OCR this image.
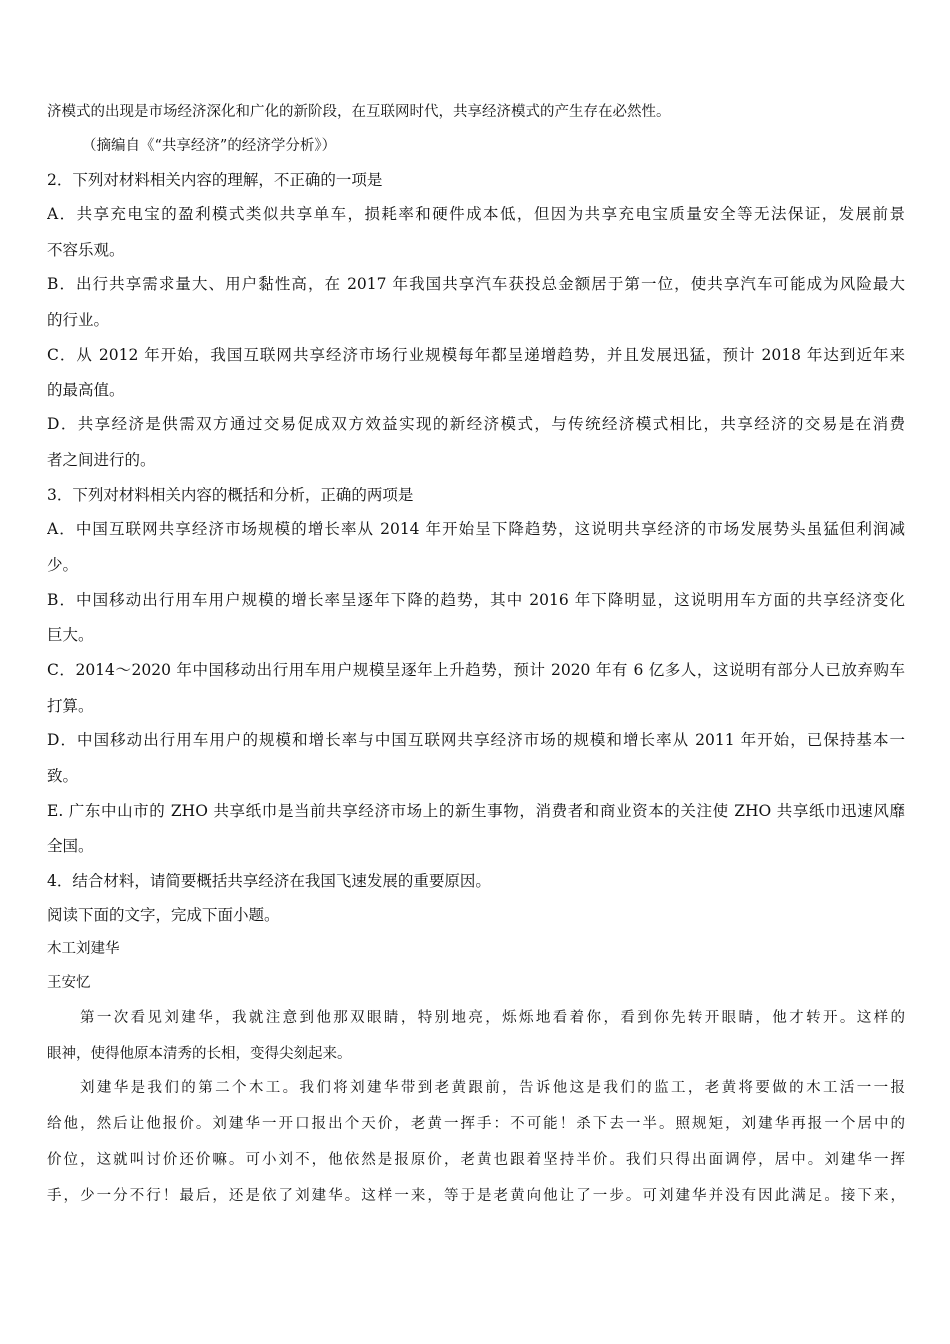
济模式的出现是市场经济深化和广化的新阶段，在互联网时代，共享经济模式的产生存在必然性。
（摘编自《“共享经济”的经济学分析》）
2．下列对材料相关内容的理解，不正确的一项是
A．共享充电宝的盈利模式类似共享单车，损耗率和硬件成本低，但因为共享充电宝质量安全等无法保证，发展前景
不容乐观。
B．出行共享需求量大、用户黏性高，在 2017 年我国共享汽车获投总金额居于第一位，使共享汽车可能成为风险最大
的行业。
C．从 2012 年开始，我国互联网共享经济市场行业规模每年都呈递增趋势，并且发展迅猛，预计 2018 年达到近年来
的最高值。
D．共享经济是供需双方通过交易促成双方效益实现的新经济模式，与传统经济模式相比，共享经济的交易是在消费
者之间进行的。
3．下列对材料相关内容的概括和分析，正确的两项是
A．中国互联网共享经济市场规模的增长率从 2014 年开始呈下降趋势，这说明共享经济的市场发展势头虽猛但利润减
少。
B．中国移动出行用车用户规模的增长率呈逐年下降的趋势，其中 2016 年下降明显，这说明用车方面的共享经济变化
巨大。
C．2014～2020 年中国移动出行用车用户规模呈逐年上升趋势，预计 2020 年有 6 亿多人，这说明有部分人已放弃购车
打算。
D．中国移动出行用车用户的规模和增长率与中国互联网共享经济市场的规模和增长率从 2011 年开始，已保持基本一
致。
E. 广东中山市的 ZHO 共享纸巾是当前共享经济市场上的新生事物，消费者和商业资本的关注使 ZHO 共享纸巾迅速风靡
全国。
4．结合材料，请简要概括共享经济在我国飞速发展的重要原因。
阅读下面的文字，完成下面小题。
木工刘建华
王安忆
第一次看见刘建华，我就注意到他那双眼睛，特别地亮，烁烁地看着你，看到你先转开眼睛，他才转开。这样的
眼神，使得他原本清秀的长相，变得尖刻起来。
刘建华是我们的第二个木工。我们将刘建华带到老黄跟前，告诉他这是我们的监工，老黄将要做的木工活一一报
给他，然后让他报价。刘建华一开口报出个天价，老黄一挥手：不可能！杀下去一半。照规矩，刘建华再报一个居中的
价位，这就叫讨价还价嘛。可小刘不，他依然是报原价，老黄也跟着坚持半价。我们只得出面调停，居中。刘建华一挥
手，少一分不行！最后，还是依了刘建华。这样一来，等于是老黄向他让了一步。可刘建华并没有因此满足。接下来，
